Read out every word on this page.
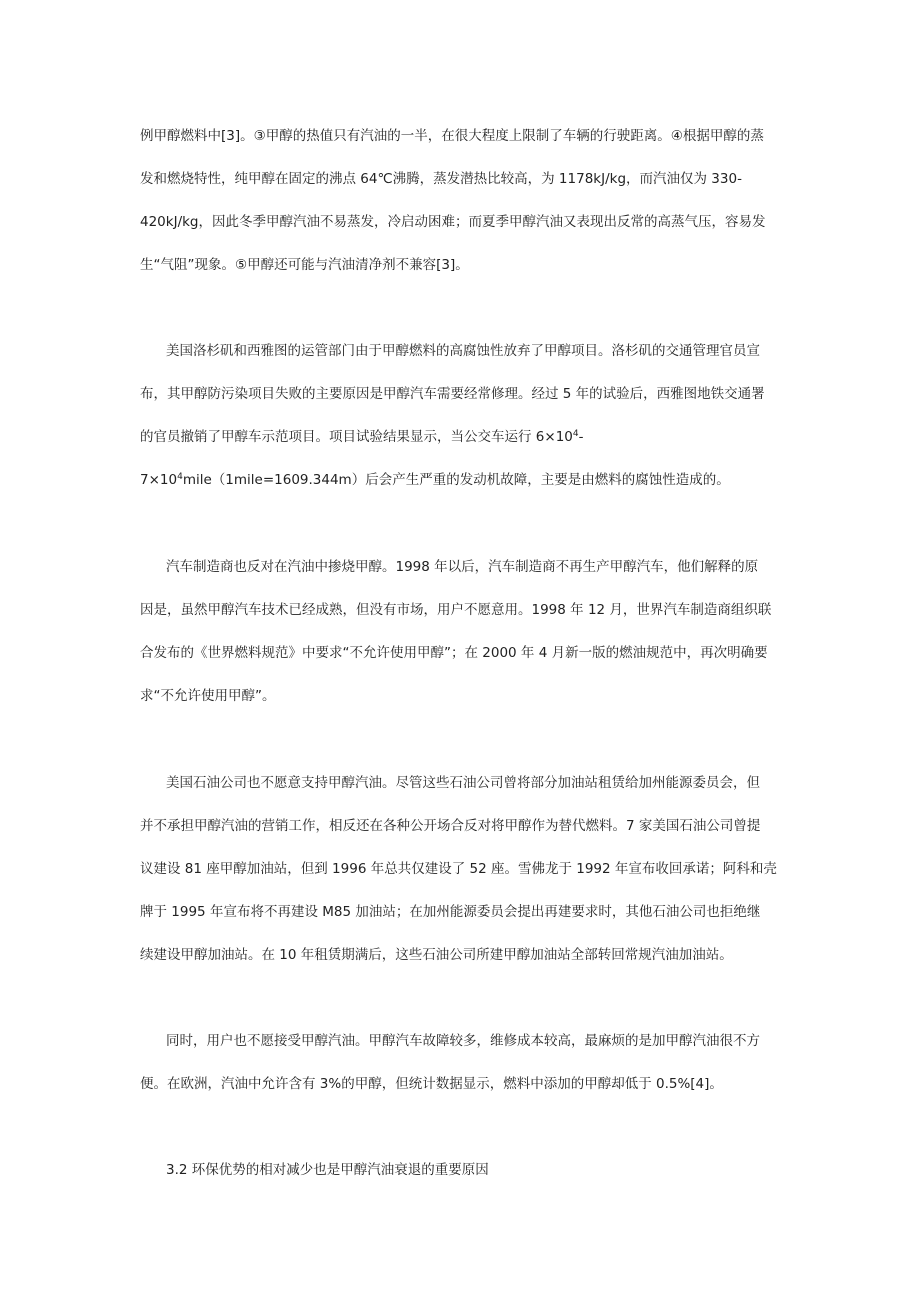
例甲醇燃料中[3]。③甲醇的热值只有汽油的一半，在很大程度上限制了车辆的行驶距离。④根据甲醇的蒸
发和燃烧特性，纯甲醇在固定的沸点 64℃沸腾，蒸发潜热比较高，为 1178kJ/kg，而汽油仅为 330-
420kJ/kg，因此冬季甲醇汽油不易蒸发，冷启动困难；而夏季甲醇汽油又表现出反常的高蒸气压，容易发
生“气阻”现象。⑤甲醇还可能与汽油清净剂不兼容[3]。
美国洛杉矶和西雅图的运管部门由于甲醇燃料的高腐蚀性放弃了甲醇项目。洛杉矶的交通管理官员宣
布，其甲醇防污染项目失败的主要原因是甲醇汽车需要经常修理。经过 5 年的试验后，西雅图地铁交通署
的官员撤销了甲醇车示范项目。项目试验结果显示，当公交车运行 $6\times 10^4-$
$7\times 10^4mile(1mile=1609.344m)$后会产生严重的发动机故障，主要是由燃料的腐蚀性造成的。
汽车制造商也反对在汽油中掺烧甲醇。1998 年以后，汽车制造商不再生产甲醇汽车，他们解释的原
因是，虽然甲醇汽车技术已经成熟，但没有市场，用户不愿意用。1998 年 12 月，世界汽车制造商组织联
合发布的《世界燃料规范》中要求“不允许使用甲醇”；在 2000 年 4 月新一版的燃油规范中，再次明确要
求“不允许使用甲醇”。
美国石油公司也不愿意支持甲醇汽油。尽管这些石油公司曾将部分加油站租赁给加州能源委员会，但
并不承担甲醇汽油的营销工作，相反还在各种公开场合反对将甲醇作为替代燃料。7 家美国石油公司曾提
议建设 81 座甲醇加油站，但到 1996 年总共仅建设了 52 座。雪佛龙于 1992 年宣布收回承诺；阿科和壳
牌于 1995 年宣布将不再建设 M85 加油站；在加州能源委员会提出再建要求时，其他石油公司也拒绝继
续建设甲醇加油站。在 10 年租赁期满后，这些石油公司所建甲醇加油站全部转回常规汽油加油站。
同时，用户也不愿接受甲醇汽油。甲醇汽车故障较多，维修成本较高，最麻烦的是加甲醇汽油很不方
便。在欧洲，汽油中允许含有 3%的甲醇，但统计数据显示，燃料中添加的甲醇却低于 0.5%[4]。
3.2 环保优势的相对减少也是甲醇汽油衰退的重要原因
